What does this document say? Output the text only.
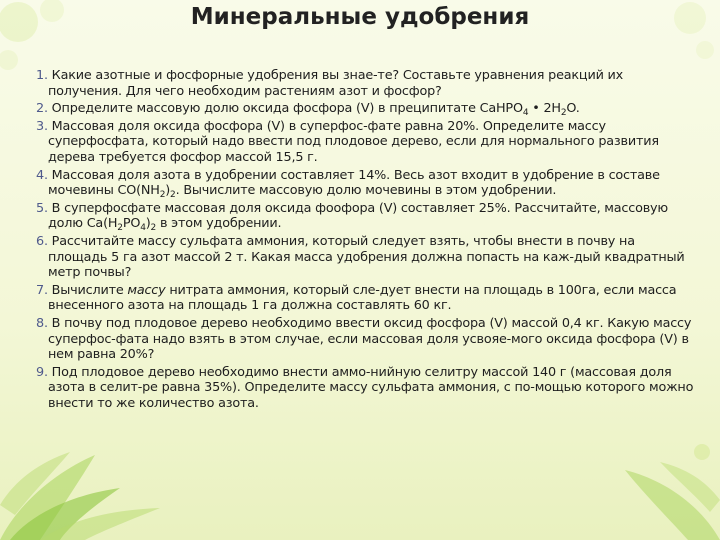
Минеральные удобрения
1. Какие азотные и фосфорные удобрения вы знае-те? Составьте уравнения реакций их получения. Для чего необходим растениям азот и фосфор?
2. Определите массовую долю оксида фосфора (V) в преципитате CaHPO$_4$ • $2H_2O$.
3. Массовая доля оксида фосфора (V) в суперфос-фате равна 20%. Определите массу суперфосфата, который надо ввести под плодовое дерево, если для нормального развития дерева требуется фосфор массой 15,5 г.
4. Массовая доля азота в удобрении составляет 14%. Весь азот входит в удобрение в составе мочевины $CO(NH_2)_2$. Вычислите массовую долю мочевины в этом удобрении.
5. В суперфосфате массовая доля оксида фоофора (V) составляет 25%. Рассчитайте, массовую долю $Ca(H_2PO_4)_2$ в этом удобрении.
6. Рассчитайте массу сульфата аммония, который следует взять, чтобы внести в почву на площадь 5 га азот массой 2 т. Какая масса удобрения должна попасть на каж-дый квадратный метр почвы?
7. Вычислите массу нитрата аммония, который сле-дует внести на площадь в 100га, если масса внесенного азота на площадь 1 га должна составлять 60 кг.
8. В почву под плодовое дерево необходимо ввести оксид фосфора (V) массой 0,4 кг. Какую массу суперфос-фата надо взять в этом случае, если массовая доля усвояе-мого оксида фосфора (V) в нем равна 20%?
9. Под плодовое дерево необходимо внести аммо-нийную селитру массой 140 г (массовая доля азота в селит-ре равна 35%). Определите массу сульфата аммония, с по-мощью которого можно внести то же количество азота.
